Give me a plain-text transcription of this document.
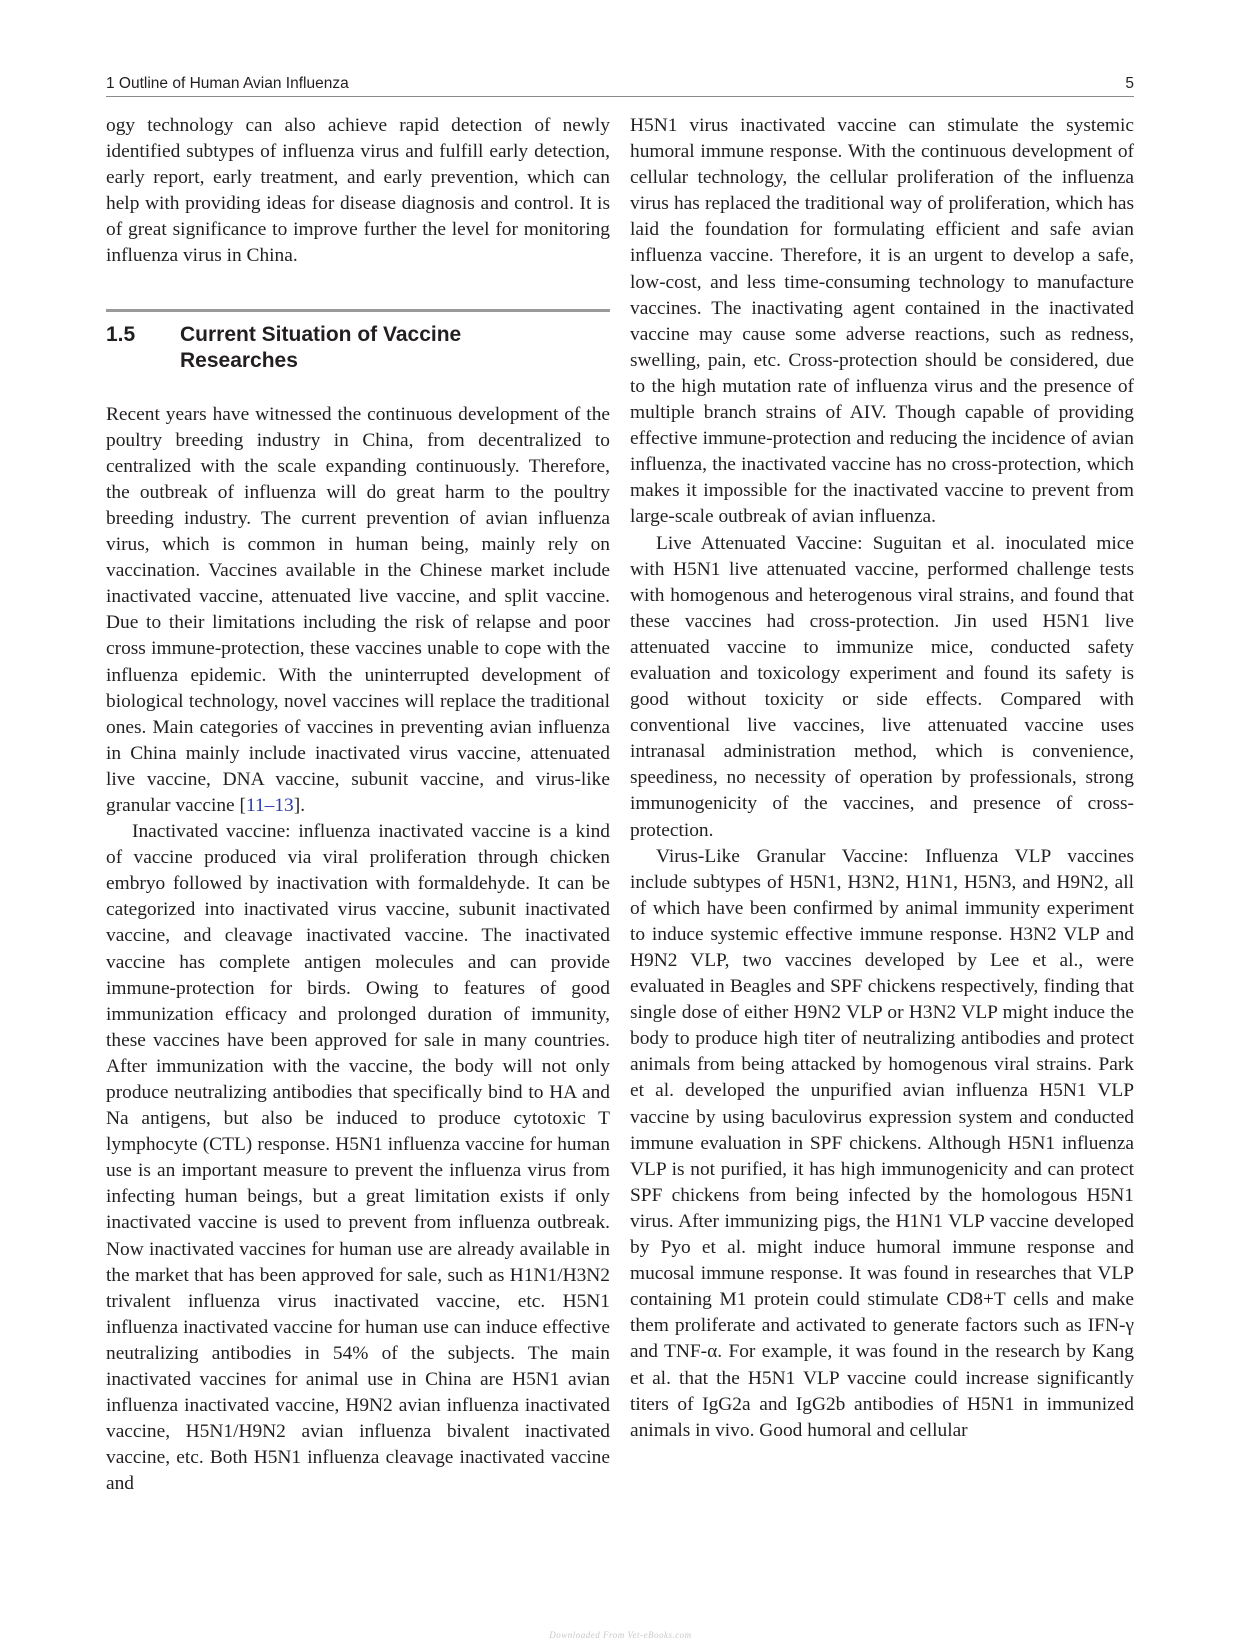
1 Outline of Human Avian Influenza	5

ogy technology can also achieve rapid detection of newly identified subtypes of influenza virus and fulfill early detection, early report, early treatment, and early prevention, which can help with providing ideas for disease diagnosis and control. It is of great significance to improve further the level for monitoring influenza virus in China.

1.5	Current Situation of Vaccine Researches

Recent years have witnessed the continuous development of the poultry breeding industry in China, from decentralized to centralized with the scale expanding continuously. Therefore, the outbreak of influenza will do great harm to the poultry breeding industry. The current prevention of avian influenza virus, which is common in human being, mainly rely on vaccination. Vaccines available in the Chinese market include inactivated vaccine, attenuated live vaccine, and split vaccine. Due to their limitations including the risk of relapse and poor cross immune-protection, these vaccines unable to cope with the influenza epidemic. With the uninterrupted development of biological technology, novel vaccines will replace the traditional ones. Main categories of vaccines in preventing avian influenza in China mainly include inactivated virus vaccine, attenuated live vaccine, DNA vaccine, subunit vaccine, and virus-like granular vaccine [11–13].

Inactivated vaccine: influenza inactivated vaccine is a kind of vaccine produced via viral proliferation through chicken embryo followed by inactivation with formaldehyde. It can be categorized into inactivated virus vaccine, subunit inactivated vaccine, and cleavage inactivated vaccine. The inactivated vaccine has complete antigen molecules and can provide immune-protection for birds. Owing to features of good immunization efficacy and prolonged duration of immunity, these vaccines have been approved for sale in many countries. After immunization with the vaccine, the body will not only produce neutralizing antibodies that specifically bind to HA and Na antigens, but also be induced to produce cytotoxic T lymphocyte (CTL) response. H5N1 influenza vaccine for human use is an important measure to prevent the influenza virus from infecting human beings, but a great limitation exists if only inactivated vaccine is used to prevent from influenza outbreak. Now inactivated vaccines for human use are already available in the market that has been approved for sale, such as H1N1/H3N2 trivalent influenza virus inactivated vaccine, etc. H5N1 influenza inactivated vaccine for human use can induce effective neutralizing antibodies in 54% of the subjects. The main inactivated vaccines for animal use in China are H5N1 avian influenza inactivated vaccine, H9N2 avian influenza inactivated vaccine, H5N1/H9N2 avian influenza bivalent inactivated vaccine, etc. Both H5N1 influenza cleavage inactivated vaccine and

H5N1 virus inactivated vaccine can stimulate the systemic humoral immune response. With the continuous development of cellular technology, the cellular proliferation of the influenza virus has replaced the traditional way of proliferation, which has laid the foundation for formulating efficient and safe avian influenza vaccine. Therefore, it is an urgent to develop a safe, low-cost, and less time-consuming technology to manufacture vaccines. The inactivating agent contained in the inactivated vaccine may cause some adverse reactions, such as redness, swelling, pain, etc. Cross-protection should be considered, due to the high mutation rate of influenza virus and the presence of multiple branch strains of AIV. Though capable of providing effective immune-protection and reducing the incidence of avian influenza, the inactivated vaccine has no cross-protection, which makes it impossible for the inactivated vaccine to prevent from large-scale outbreak of avian influenza.

Live Attenuated Vaccine: Suguitan et al. inoculated mice with H5N1 live attenuated vaccine, performed challenge tests with homogenous and heterogenous viral strains, and found that these vaccines had cross-protection. Jin used H5N1 live attenuated vaccine to immunize mice, conducted safety evaluation and toxicology experiment and found its safety is good without toxicity or side effects. Compared with conventional live vaccines, live attenuated vaccine uses intranasal administration method, which is convenience, speediness, no necessity of operation by professionals, strong immunogenicity of the vaccines, and presence of cross-protection.

Virus-Like Granular Vaccine: Influenza VLP vaccines include subtypes of H5N1, H3N2, H1N1, H5N3, and H9N2, all of which have been confirmed by animal immunity experiment to induce systemic effective immune response. H3N2 VLP and H9N2 VLP, two vaccines developed by Lee et al., were evaluated in Beagles and SPF chickens respectively, finding that single dose of either H9N2 VLP or H3N2 VLP might induce the body to produce high titer of neutralizing antibodies and protect animals from being attacked by homogenous viral strains. Park et al. developed the unpurified avian influenza H5N1 VLP vaccine by using baculovirus expression system and conducted immune evaluation in SPF chickens. Although H5N1 influenza VLP is not purified, it has high immunogenicity and can protect SPF chickens from being infected by the homologous H5N1 virus. After immunizing pigs, the H1N1 VLP vaccine developed by Pyo et al. might induce humoral immune response and mucosal immune response. It was found in researches that VLP containing M1 protein could stimulate CD8+T cells and make them proliferate and activated to generate factors such as IFN-γ and TNF-α. For example, it was found in the research by Kang et al. that the H5N1 VLP vaccine could increase significantly titers of IgG2a and IgG2b antibodies of H5N1 in immunized animals in vivo. Good humoral and cellular

Downloaded From Vet-eBooks.com
